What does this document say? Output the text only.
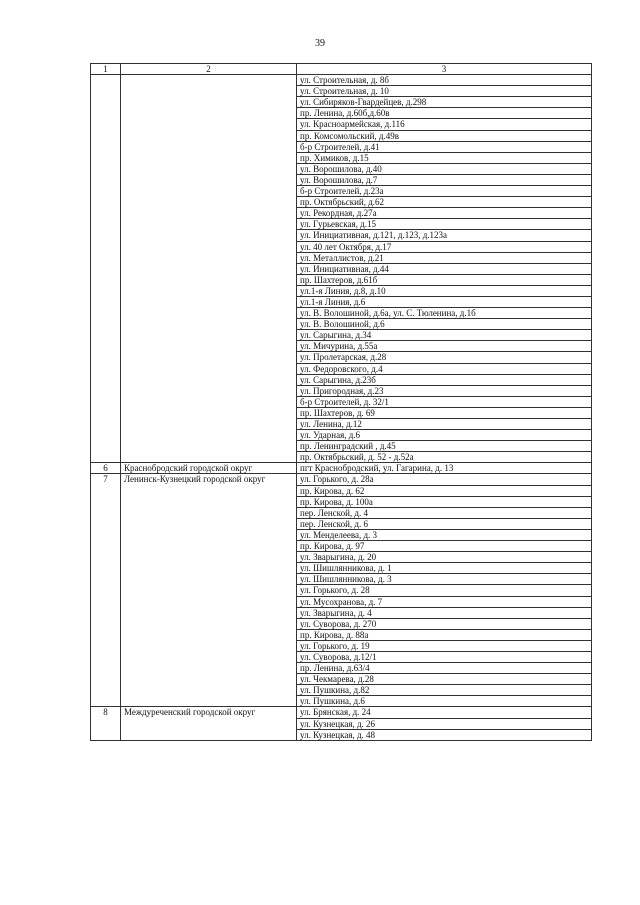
39
1	2	3
		ул. Строительная, д. 8б
		ул. Строительная, д. 10
		ул. Сибиряков-Гвардейцев, д.298
		пр. Ленина, д.60б,д.60в
		ул. Красноармейская, д.116
		пр. Комсомольский, д.49в
		б-р Строителей, д.41
		пр. Химиков, д.15
		ул. Ворошилова, д.40
		ул. Ворошилова, д.7
		б-р Строителей, д.23а
		пр. Октябрьский, д.62
		ул. Рекордная, д.27а
		ул. Гурьевская, д.15
		ул. Инициативная, д.121, д.123, д.123а
		ул. 40 лет Октября, д.17
		ул. Металлистов, д.21
		ул. Инициативная, д.44
		пр. Шахтеров, д.61б
		ул.1-я Линия, д.8, д.10
		ул.1-я Линия, д.6
		ул. В. Волошиной, д.6а, ул. С. Тюленина, д.1б
		ул. В. Волошиной, д.6
		ул. Сарыгина, д.34
		ул. Мичурина, д.55а
		ул. Пролетарская, д.28
		ул. Федоровского, д.4
		ул. Сарыгина, д.23б
		ул. Пригородная, д.23
		б-р Строителей, д. 32/1
		пр. Шахтеров, д. 69
		ул. Ленина, д.12
		ул. Ударная, д.6
		пр. Ленинградский , д.45
		пр. Октябрьский, д. 52 - д.52а
6	Краснобродский городской округ	пгт Краснобродский, ул. Гагарина, д. 13
7	Ленинск-Кузнецкий городской округ	ул. Горького, д. 28а
		пр. Кирова, д. 62
		пр. Кирова, д. 100а
		пер. Ленской, д. 4
		пер. Ленской, д. 6
		ул. Менделеева, д. 3
		пр. Кирова, д. 97
		ул. Зварыгина, д. 20
		ул. Шишлянникова, д. 1
		ул. Шишлянникова, д. 3
		ул. Горького, д. 28
		ул. Мусохранова, д. 7
		ул. Зварыгина, д. 4
		ул. Суворова, д. 270
		пр. Кирова, д. 88а
		ул. Горького, д. 19
		ул. Суворова, д.12/1
		пр. Ленина, д.63/4
		ул. Чекмарева, д.28
		ул. Пушкина, д.82
		ул. Пушкина, д.6
8	Междуреченский городской округ	ул. Брянская, д. 24
		ул. Кузнецкая, д. 26
		ул. Кузнецкая, д. 48
